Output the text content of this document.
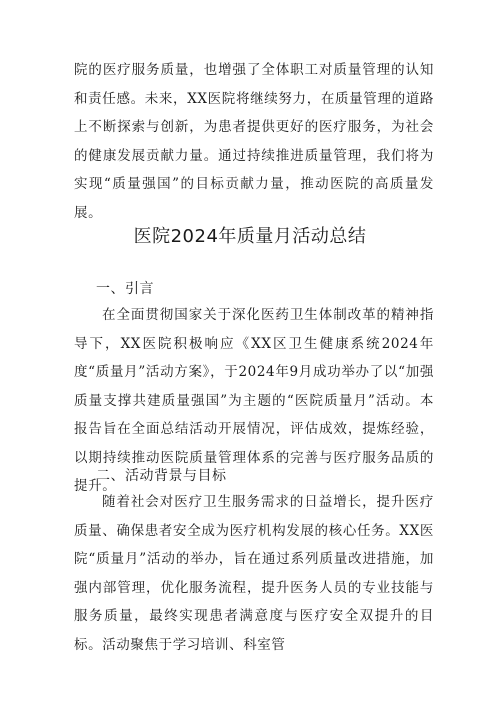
院的医疗服务质量，也增强了全体职工对质量管理的认知和责任感。未来，XX医院将继续努力，在质量管理的道路上不断探索与创新，为患者提供更好的医疗服务，为社会的健康发展贡献力量。通过持续推进质量管理，我们将为实现“质量强国”的目标贡献力量，推动医院的高质量发展。

医院2024年质量月活动总结
一、引言

在全面贯彻国家关于深化医药卫生体制改革的精神指导下，XX医院积极响应《XX区卫生健康系统2024年度“质量月”活动方案》，于2024年9月成功举办了以“加强质量支撑共建质量强国”为主题的“医院质量月”活动。本报告旨在全面总结活动开展情况，评估成效，提炼经验，以期持续推动医院质量管理体系的完善与医疗服务品质的提升。

二、活动背景与目标

随着社会对医疗卫生服务需求的日益增长，提升医疗质量、确保患者安全成为医疗机构发展的核心任务。XX医院“质量月”活动的举办，旨在通过系列质量改进措施，加强内部管理，优化服务流程，提升医务人员的专业技能与服务质量，最终实现患者满意度与医疗安全双提升的目标。活动聚焦于学习培训、科室管
